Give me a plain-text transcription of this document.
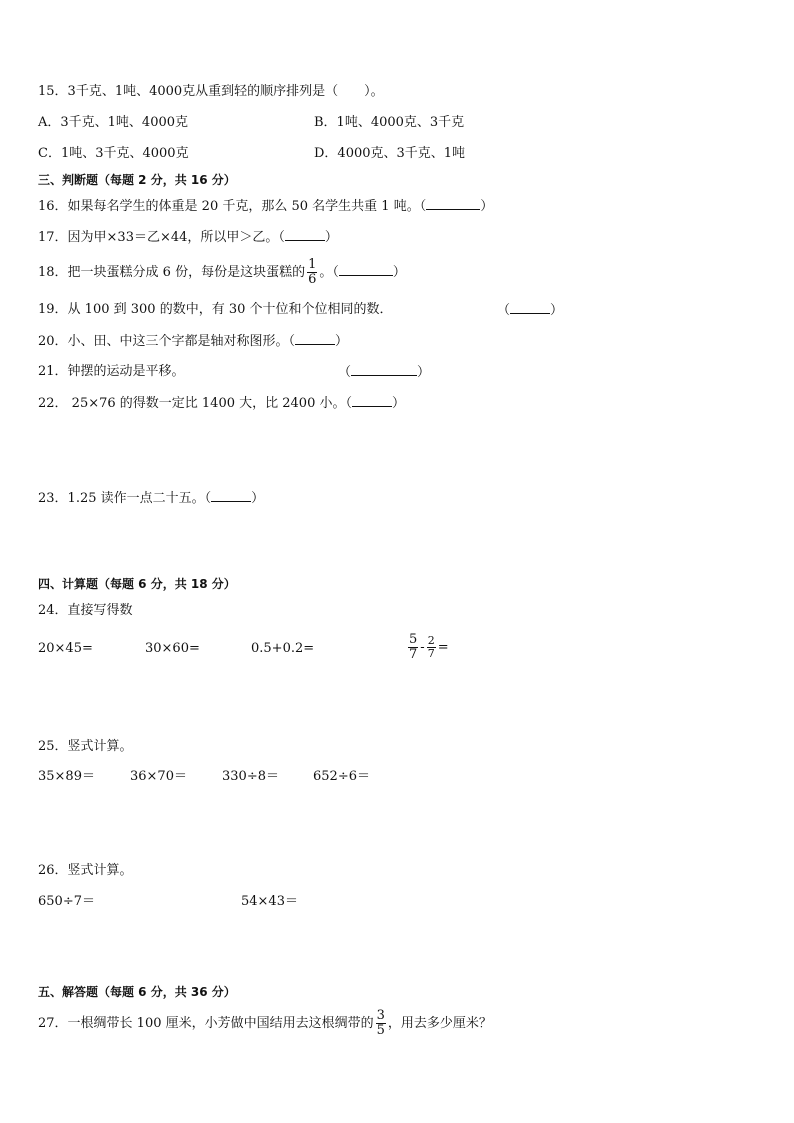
15．3千克、1吨、4000克从重到轻的顺序排列是（　　）。
A．3千克、1吨、4000克	B．1吨、4000克、3千克
C．1吨、3千克、4000克	D．4000克、3千克、1吨
三、判断题（每题 2 分，共 16 分）
16．如果每名学生的体重是 20 千克，那么 50 名学生共重 1 吨。（	）
17．因为甲×33＝乙×44，所以甲＞乙。（	）
18．把一块蛋糕分成 6 份，每份是这块蛋糕的 $\frac{1}{6}$ 。（	）
19．从 100 到 300 的数中，有 30 个十位和个位相同的数．	（	）
20．小、田、中这三个字都是轴对称图形。（	）
21．钟摆的运动是平移。	（	）
22． 25×76 的得数一定比 1400 大，比 2400 小。（	）
23．1.25 读作一点二十五。（	）
四、计算题（每题 6 分，共 18 分）
24．直接写得数
20×45=	30×60=	0.5+0.2=	$\frac{5}{7} - \frac{2}{7}$ =
25．竖式计算。
35×89＝	36×70＝	330÷8＝	652÷6＝
26．竖式计算。
650÷7＝	54×43＝
五、解答题（每题 6 分，共 36 分）
27．一根绸带长 100 厘米，小芳做中国结用去这根绸带的 $\frac{3}{5}$ ，用去多少厘米？
